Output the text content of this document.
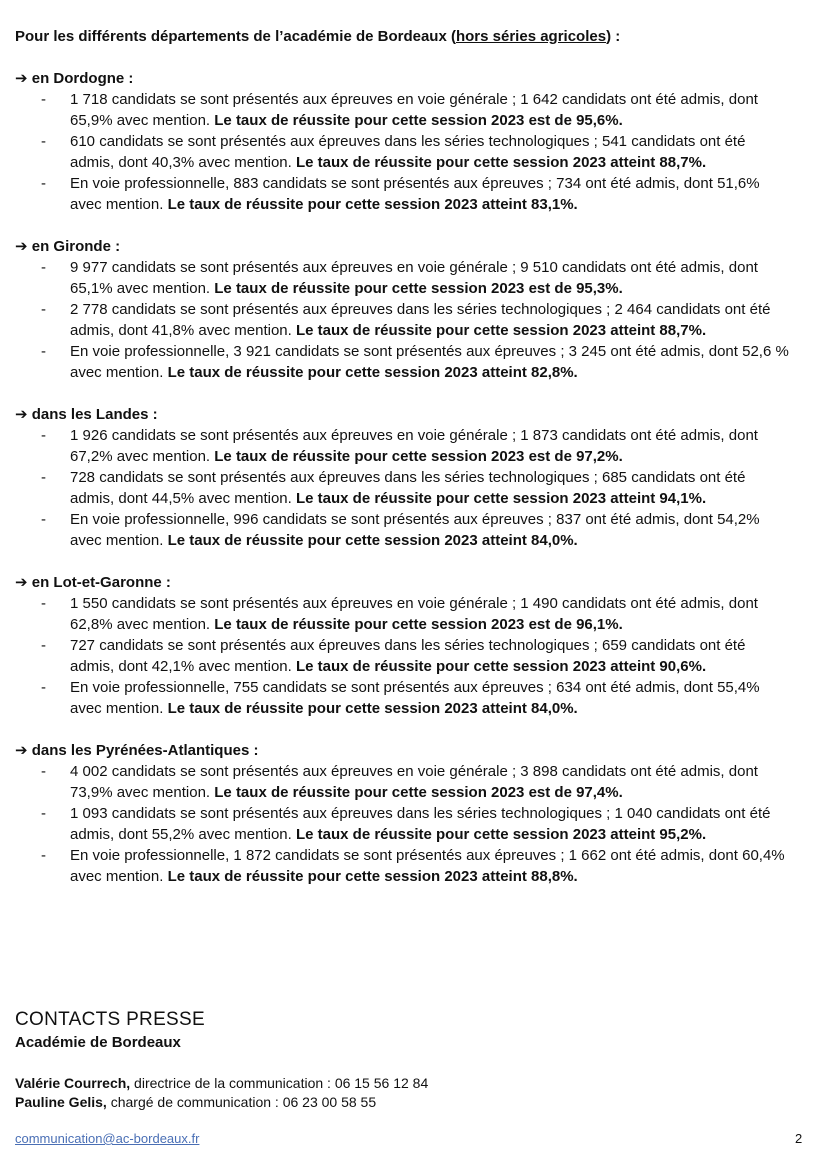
Pour les différents départements de l’académie de Bordeaux (hors séries agricoles) :

➔ en Dordogne :

- 1 718 candidats se sont présentés aux épreuves en voie générale ; 1 642 candidats ont été admis, dont 65,9% avec mention. Le taux de réussite pour cette session 2023 est de 95,6%.
- 610 candidats se sont présentés aux épreuves dans les séries technologiques ; 541 candidats ont été admis, dont 40,3% avec mention. Le taux de réussite pour cette session 2023 atteint 88,7%.
- En voie professionnelle, 883 candidats se sont présentés aux épreuves ; 734 ont été admis, dont 51,6% avec mention. Le taux de réussite pour cette session 2023 atteint 83,1%.

➔ en Gironde :

- 9 977 candidats se sont présentés aux épreuves en voie générale ; 9 510 candidats ont été admis, dont 65,1% avec mention. Le taux de réussite pour cette session 2023 est de 95,3%.
- 2 778 candidats se sont présentés aux épreuves dans les séries technologiques ; 2 464 candidats ont été admis, dont 41,8% avec mention. Le taux de réussite pour cette session 2023 atteint 88,7%.
- En voie professionnelle, 3 921 candidats se sont présentés aux épreuves ; 3 245 ont été admis, dont 52,6 % avec mention. Le taux de réussite pour cette session 2023 atteint 82,8%.

➔ dans les Landes :

- 1 926 candidats se sont présentés aux épreuves en voie générale ; 1 873 candidats ont été admis, dont 67,2% avec mention. Le taux de réussite pour cette session 2023 est de 97,2%.
- 728 candidats se sont présentés aux épreuves dans les séries technologiques ; 685 candidats ont été admis, dont 44,5% avec mention. Le taux de réussite pour cette session 2023 atteint 94,1%.
- En voie professionnelle, 996 candidats se sont présentés aux épreuves ; 837 ont été admis, dont 54,2% avec mention. Le taux de réussite pour cette session 2023 atteint 84,0%.

➔ en Lot-et-Garonne :

- 1 550 candidats se sont présentés aux épreuves en voie générale ; 1 490 candidats ont été admis, dont 62,8% avec mention. Le taux de réussite pour cette session 2023 est de 96,1%.
- 727 candidats se sont présentés aux épreuves dans les séries technologiques ; 659 candidats ont été admis, dont 42,1% avec mention. Le taux de réussite pour cette session 2023 atteint 90,6%.
- En voie professionnelle, 755 candidats se sont présentés aux épreuves ; 634 ont été admis, dont 55,4% avec mention. Le taux de réussite pour cette session 2023 atteint 84,0%.

➔ dans les Pyrénées-Atlantiques :

- 4 002 candidats se sont présentés aux épreuves en voie générale ; 3 898 candidats ont été admis, dont 73,9% avec mention. Le taux de réussite pour cette session 2023 est de 97,4%.
- 1 093 candidats se sont présentés aux épreuves dans les séries technologiques ; 1 040 candidats ont été admis, dont 55,2% avec mention. Le taux de réussite pour cette session 2023 atteint 95,2%.
- En voie professionnelle, 1 872 candidats se sont présentés aux épreuves ; 1 662 ont été admis, dont 60,4% avec mention. Le taux de réussite pour cette session 2023 atteint 88,8%.

CONTACTS PRESSE

Académie de Bordeaux

Valérie Courrech, directrice de la communication : 06 15 56 12 84

Pauline Gelis, chargé de communication : 06 23 00 58 55

communication@ac-bordeaux.fr	2
